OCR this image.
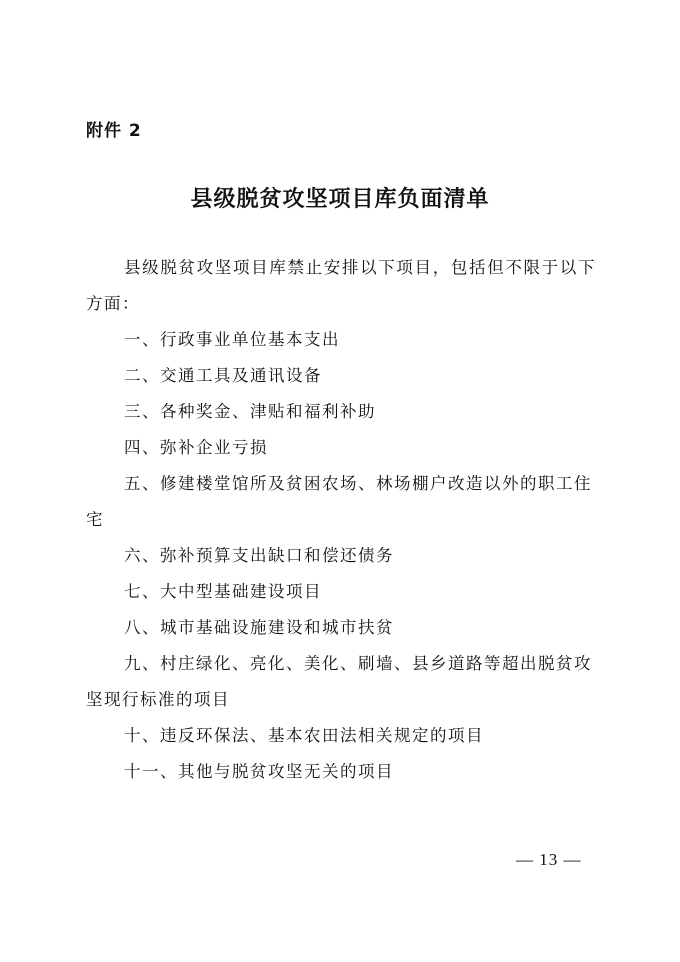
附件 2
县级脱贫攻坚项目库负面清单

县级脱贫攻坚项目库禁止安排以下项目，包括但不限于以下方面：

一、行政事业单位基本支出

二、交通工具及通讯设备

三、各种奖金、津贴和福利补助

四、弥补企业亏损

五、修建楼堂馆所及贫困农场、林场棚户改造以外的职工住宅

六、弥补预算支出缺口和偿还债务

七、大中型基础建设项目

八、城市基础设施建设和城市扶贫

九、村庄绿化、亮化、美化、刷墙、县乡道路等超出脱贫攻坚现行标准的项目

十、违反环保法、基本农田法相关规定的项目

十一、其他与脱贫攻坚无关的项目

— 13 —
